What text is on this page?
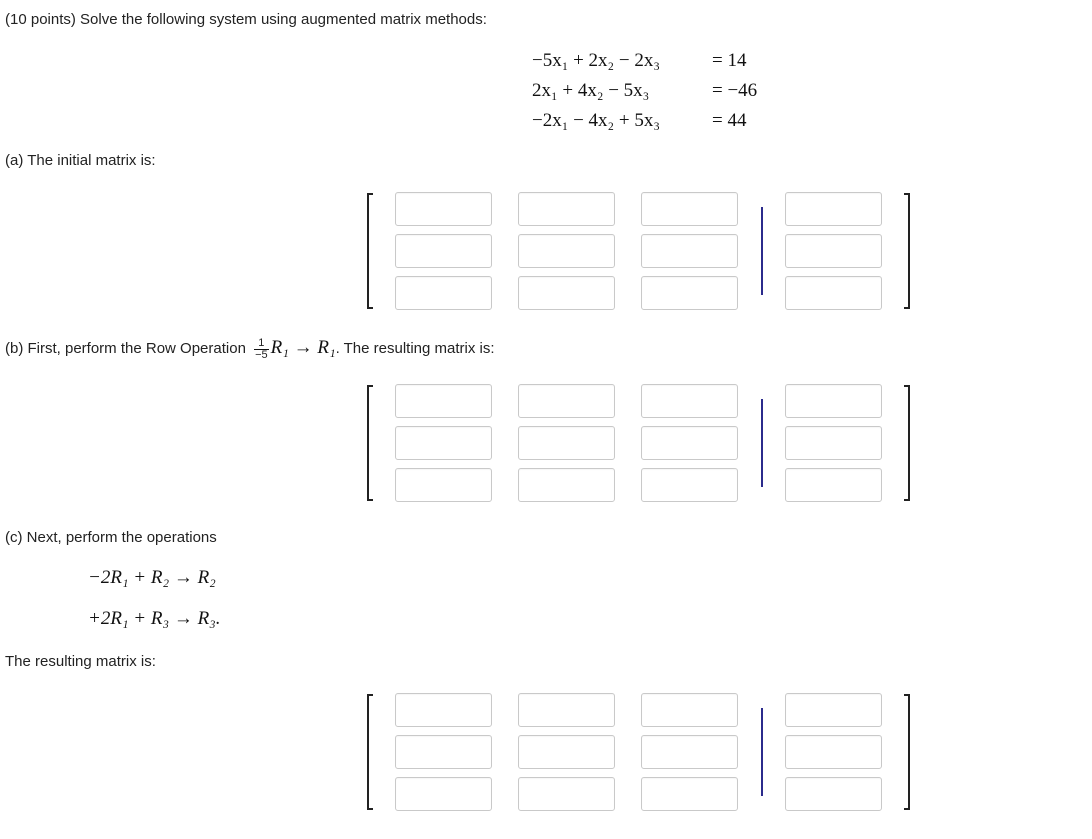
(10 points) Solve the following system using augmented matrix methods:
−5x₁ + 2x₂ − 2x₃	= 14
2x₁ + 4x₂ − 5x₃	= −46
−2x₁ − 4x₂ + 5x₃	= 44
(a) The initial matrix is:
(b) First, perform the Row Operation $\frac{1}{-5} R_1 \to R_1$. The resulting matrix is:
(c) Next, perform the operations
−2R₁ + R₂ → R₂
+2R₁ + R₃ → R₃.
The resulting matrix is:
